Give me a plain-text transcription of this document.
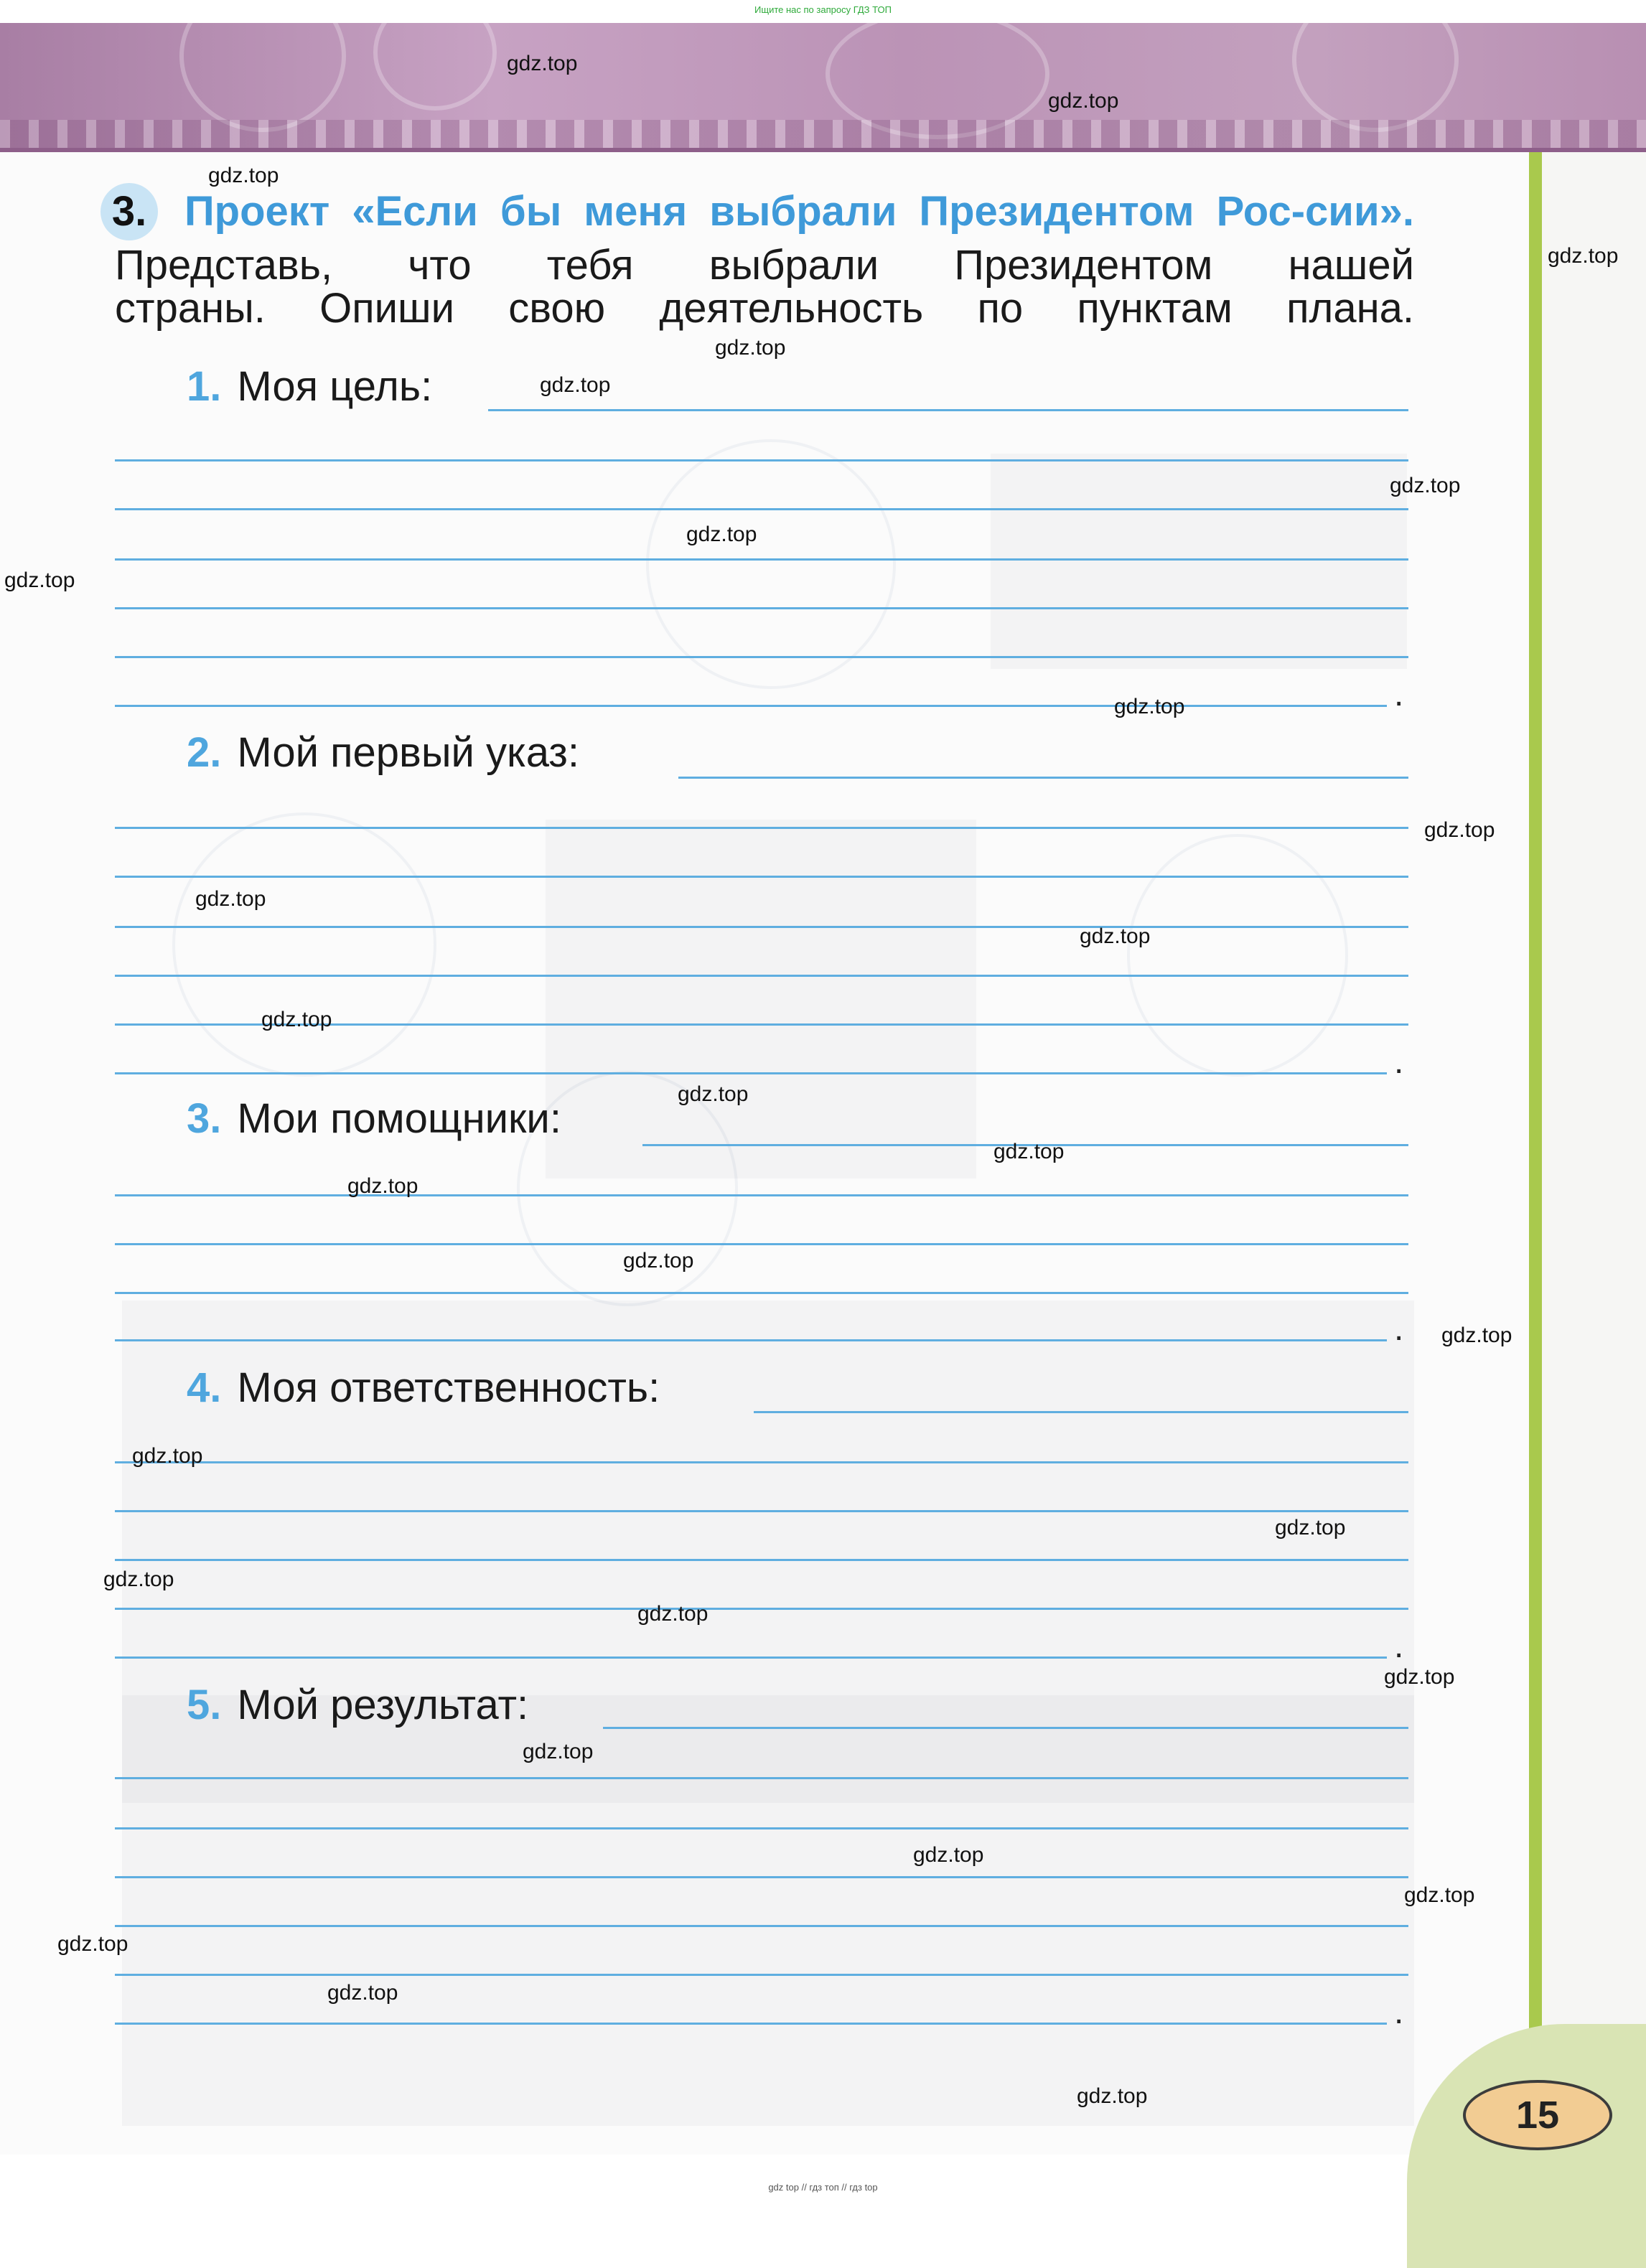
Ищите нас по запросу ГДЗ ТОП
15
3. Проект «Если бы меня выбрали Президентом Рос-сии». Представь, что тебя выбрали Президентом нашей
страны. Опиши свою деятельность по пунктам плана.
1. Моя цель:
.
2. Мой первый указ:
.
3. Мои помощники:
.
4. Моя ответственность:
.
5. Мой результат:
.
gdz.top
gdz.top
gdz.top
gdz.top
gdz.top
gdz.top
gdz.top
gdz.top
gdz.top
gdz.top
gdz.top
gdz.top
gdz.top
gdz.top
gdz.top
gdz.top
gdz.top
gdz.top
gdz.top
gdz.top
gdz.top
gdz.top
gdz.top
gdz.top
gdz.top
gdz.top
gdz.top
gdz.top
gdz.top
gdz.top
gdz top // гдз топ // гдз top
